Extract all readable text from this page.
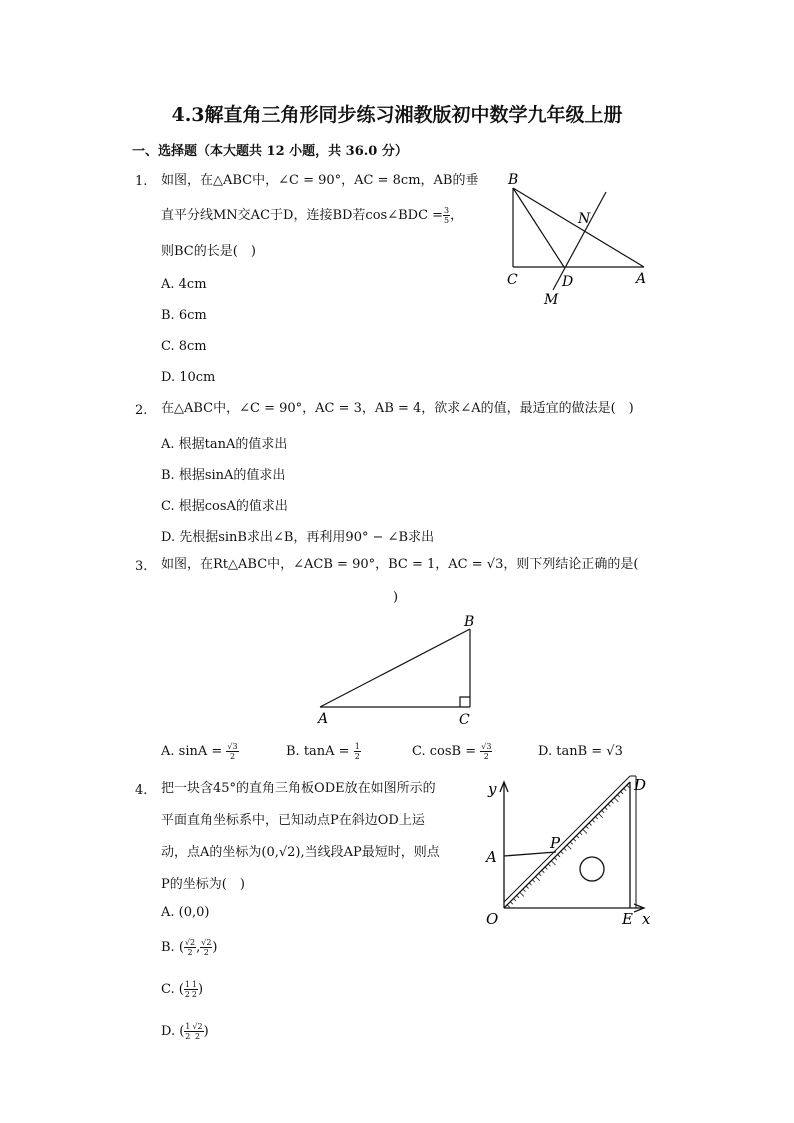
4.3解直角三角形同步练习湘教版初中数学九年级上册
一、选择题（本大题共 12 小题，共 36.0 分）
1. 如图，在△ABC中，∠C = 90°，AC = 8cm，AB的垂
直平分线MN交AC于D，连接BD若cos∠BDC = $\frac{3}{5}$ ，
则BC的长是(　)
A. 4cm
B. 6cm
C. 8cm
D. 10cm
B
C	D	A
N
M
2. 在△ABC中，∠C = 90°，AC = 3，AB = 4，欲求∠A的值，最适宜的做法是(　)
A. 根据tanA的值求出
B. 根据sinA的值求出
C. 根据cosA的值求出
D. 先根据sinB求出∠B，再利用90° − ∠B求出
3. 如图，在Rt△ABC中，∠ACB = 90°，BC = 1，AC = √3，则下列结论正确的是(
)
B
A	C
A. $\sin A = \frac{√3}{2}$	B. $\tan A = \frac{1}{2}$	C. $\cos B = \frac{√3}{2}$	D. tanB = √3
4. 把一块含45°的直角三角板ODE放在如图所示的
平面直角坐标系中，已知动点P在斜边OD上运
动，点A的坐标为(0,√2),当线段AP最短时，则点
P的坐标为(　)
A. (0,0)
B. ( $\frac{√2}{2}$ , $\frac{√2}{2}$ )
C. ( $\frac{1}{2} \frac{1}{2}$ )
D. ( $\frac{1}{2} \frac{√2}{2}$ )
y
x
O	E
D
A
P
